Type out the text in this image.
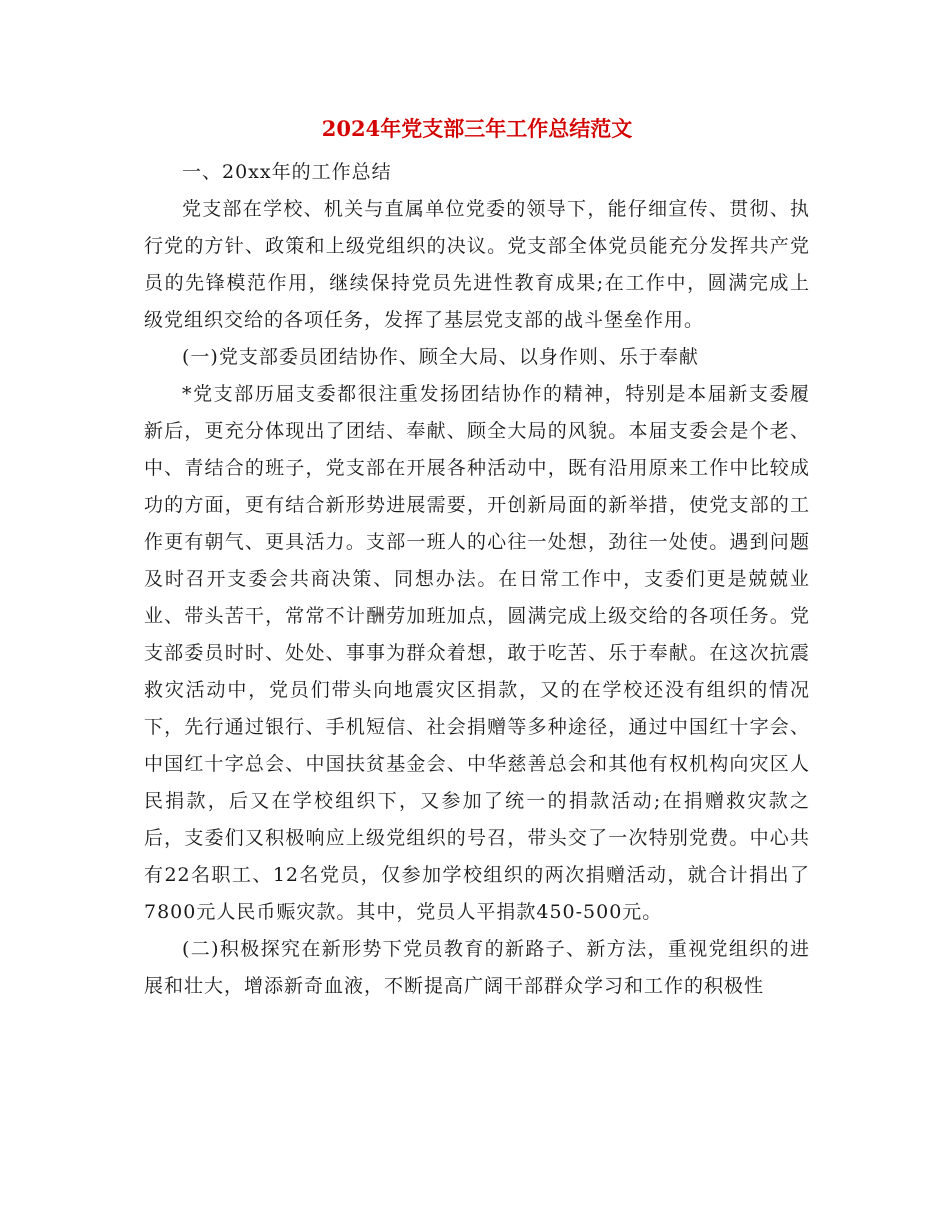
2024年党支部三年工作总结范文

一、20xx年的工作总结

党支部在学校、机关与直属单位党委的领导下，能仔细宣传、贯彻、执行党的方针、政策和上级党组织的决议。党支部全体党员能充分发挥共产党员的先锋模范作用，继续保持党员先进性教育成果;在工作中，圆满完成上级党组织交给的各项任务，发挥了基层党支部的战斗堡垒作用。

(一)党支部委员团结协作、顾全大局、以身作则、乐于奉献

*党支部历届支委都很注重发扬团结协作的精神，特别是本届新支委履新后，更充分体现出了团结、奉献、顾全大局的风貌。本届支委会是个老、中、青结合的班子，党支部在开展各种活动中，既有沿用原来工作中比较成功的方面，更有结合新形势进展需要，开创新局面的新举措，使党支部的工作更有朝气、更具活力。支部一班人的心往一处想，劲往一处使。遇到问题及时召开支委会共商决策、同想办法。在日常工作中，支委们更是兢兢业业、带头苦干，常常不计酬劳加班加点，圆满完成上级交给的各项任务。党支部委员时时、处处、事事为群众着想，敢于吃苦、乐于奉献。在这次抗震救灾活动中，党员们带头向地震灾区捐款，又的在学校还没有组织的情况下，先行通过银行、手机短信、社会捐赠等多种途径，通过中国红十字会、中国红十字总会、中国扶贫基金会、中华慈善总会和其他有权机构向灾区人民捐款，后又在学校组织下，又参加了统一的捐款活动;在捐赠救灾款之后，支委们又积极响应上级党组织的号召，带头交了一次特别党费。中心共有22名职工、12名党员，仅参加学校组织的两次捐赠活动，就合计捐出了 7800元人民币赈灾款。其中，党员人平捐款450-500元。

(二)积极探究在新形势下党员教育的新路子、新方法，重视党组织的进展和壮大，增添新奇血液，不断提高广阔干部群众学习和工作的积极性
